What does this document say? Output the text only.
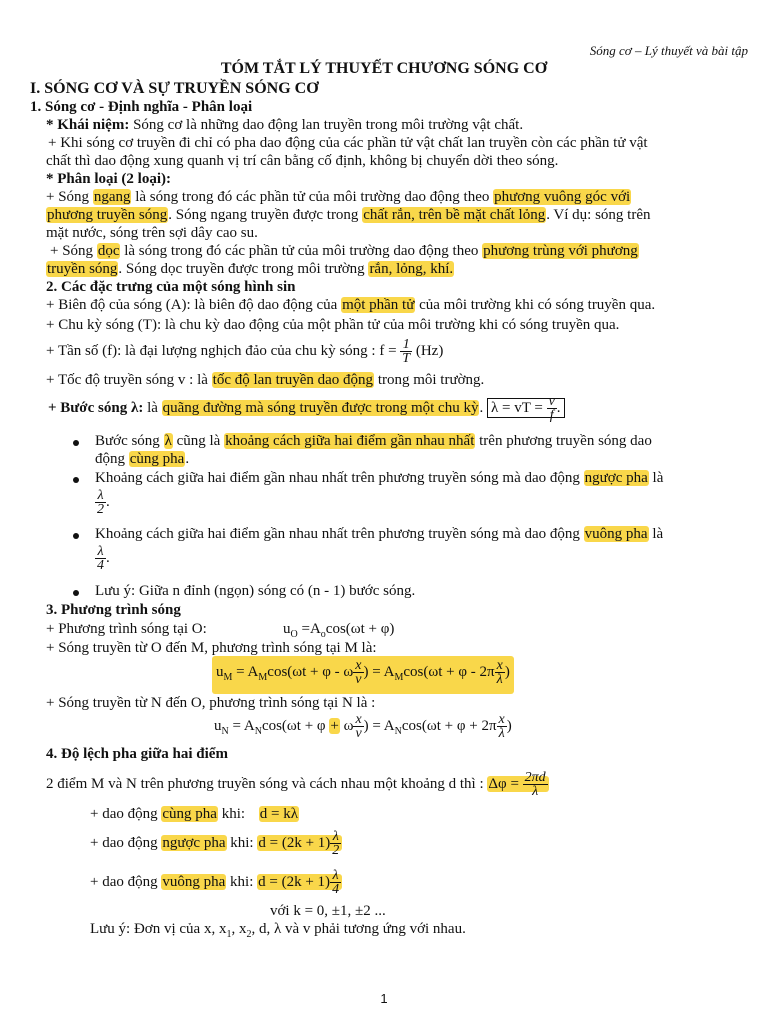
Sóng cơ – Lý thuyết và bài tập
TÓM TẮT LÝ THUYẾT CHƯƠNG SÓNG CƠ
I. SÓNG CƠ VÀ SỰ TRUYỀN SÓNG CƠ
1. Sóng cơ - Định nghĩa - Phân loại
* Khái niệm: Sóng cơ là những dao động lan truyền trong môi trường vật chất.
+ Khi sóng cơ truyền đi chỉ có pha dao động của các phần tử vật chất lan truyền còn các phần tử vật
chất thì dao động xung quanh vị trí cân bằng cố định, không bị chuyển dời theo sóng.
* Phân loại (2 loại):
+ Sóng ngang là sóng trong đó các phần tử của môi trường dao động theo phương vuông góc với
phương truyền sóng. Sóng ngang truyền được trong chất rắn, trên bề mặt chất lỏng. Ví dụ: sóng trên
mặt nước, sóng trên sợi dây cao su.
+ Sóng dọc là sóng trong đó các phần tử của môi trường dao động theo phương trùng với phương
truyền sóng. Sóng dọc truyền được trong môi trường rắn, lỏng, khí.
2. Các đặc trưng của một sóng hình sin
+ Biên độ của sóng (A): là biên độ dao động của một phần tử của môi trường khi có sóng truyền qua.
+ Chu kỳ sóng (T): là chu kỳ dao động của một phần tử của môi trường khi có sóng truyền qua.
+ Tần số (f): là đại lượng nghịch đảo của chu kỳ sóng : $f = \frac{1}{T} (Hz)$
+ Tốc độ truyền sóng v : là tốc độ lan truyền dao động trong môi trường.
+ Bước sóng λ: là quãng đường mà sóng truyền được trong một chu kỳ. λ = vT = $\frac{v}{f}$ .
Bước sóng λ cũng là khoảng cách giữa hai điểm gần nhau nhất trên phương truyền sóng dao
động cùng pha.
Khoảng cách giữa hai điểm gần nhau nhất trên phương truyền sóng mà dao động ngược pha là
$\frac{\lambda}{2}$ .
Khoảng cách giữa hai điểm gần nhau nhất trên phương truyền sóng mà dao động vuông pha là
$\frac{\lambda}{4}$ .
Lưu ý: Giữa n đỉnh (ngọn) sóng có (n - 1) bước sóng.
3. Phương trình sóng
+ Phương trình sóng tại O:	$u_O =A_o\cos(\omega t + \varphi)$
+ Sóng truyền từ O đến M, phương trình sóng tại M là:
$u_M = A_M\cos(\omega t + \varphi - \omega \frac{x}{v}$ ) = $A_M\cos(\omega t + \varphi - 2\pi \frac{x}{\lambda}$ )
+ Sóng truyền từ N đến O, phương trình sóng tại N là :
$u_N = A_N\cos(\omega t + \varphi + \omega \frac{x}{v}$ ) = $A_N\cos(\omega t + \varphi + 2\pi \frac{x}{\lambda}$ )
4. Độ lệch pha giữa hai điểm
2 điểm M và N trên phương truyền sóng và cách nhau một khoảng d thì : $\Delta\varphi = \frac{2\pi d}{\lambda}$
+ dao động cùng pha khi: d = kλ
+ dao động ngược pha khi: $d = (2k + 1) \frac{\lambda}{2}$
+ dao động vuông pha khi: $d = (2k + 1) \frac{\lambda}{4}$
với k = 0, ±1, ±2 ...
Lưu ý: Đơn vị của x, $x_1$, $x_2$, d, λ và v phải tương ứng với nhau.
1
